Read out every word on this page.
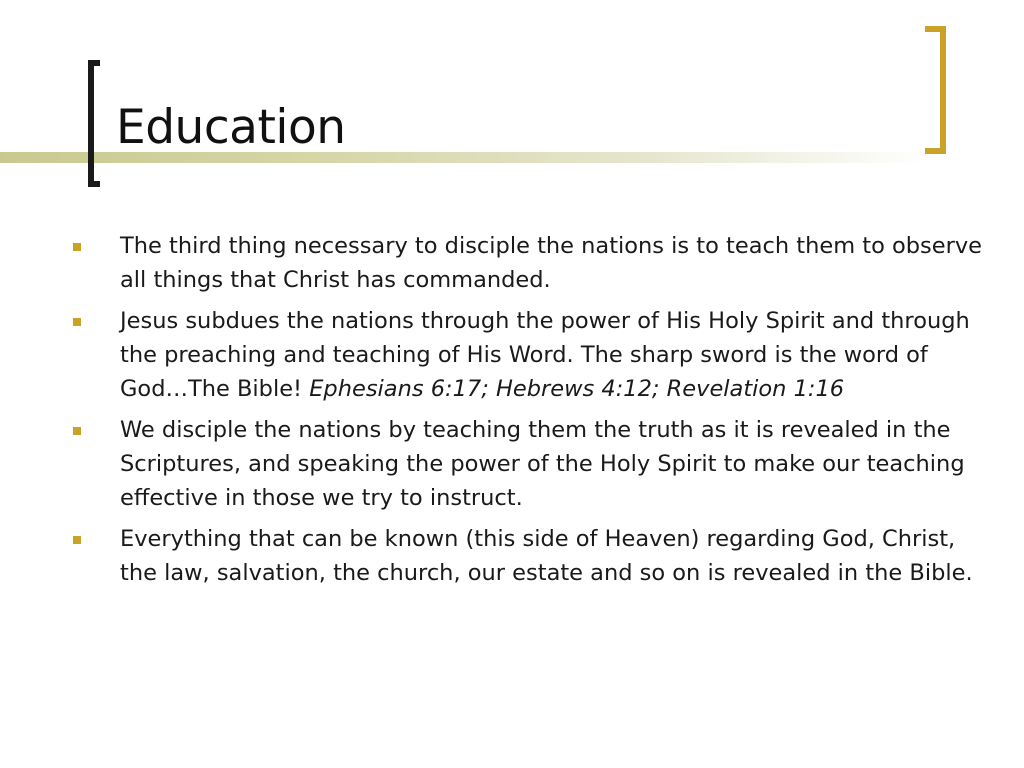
Education
The third thing necessary to disciple the nations is to teach them to observe all things that Christ has commanded.
Jesus subdues the nations through the power of His Holy Spirit and through the preaching and teaching of His Word. The sharp sword is the word of God…The Bible! Ephesians 6:17; Hebrews 4:12; Revelation 1:16
We disciple the nations by teaching them the truth as it is revealed in the Scriptures, and speaking the power of the Holy Spirit to make our teaching effective in those we try to instruct.
Everything that can be known (this side of Heaven) regarding God, Christ, the law, salvation, the church, our estate and so on is revealed in the Bible.
